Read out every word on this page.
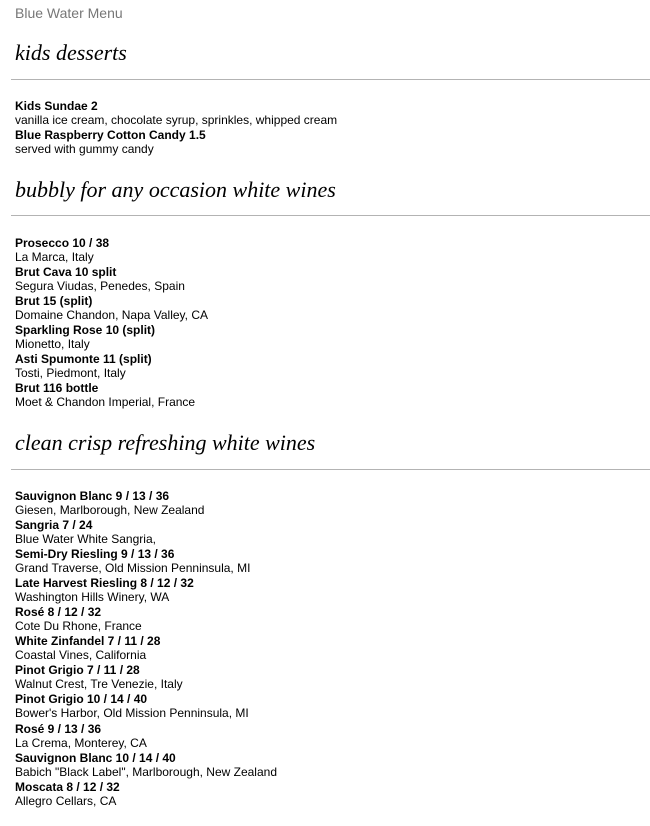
Blue Water Menu
kids desserts
Kids Sundae 2
vanilla ice cream, chocolate syrup, sprinkles, whipped cream
Blue Raspberry Cotton Candy 1.5
served with gummy candy
bubbly for any occasion white wines
Prosecco 10 / 38
La Marca, Italy
Brut Cava 10 split
Segura Viudas, Penedes, Spain
Brut 15 (split)
Domaine Chandon, Napa Valley, CA
Sparkling Rose 10 (split)
Mionetto, Italy
Asti Spumonte 11 (split)
Tosti, Piedmont, Italy
Brut 116 bottle
Moet & Chandon Imperial, France
clean crisp refreshing white wines
Sauvignon Blanc 9 / 13 / 36
Giesen, Marlborough, New Zealand
Sangria 7 / 24
Blue Water White Sangria,
Semi-Dry Riesling 9 / 13 / 36
Grand Traverse, Old Mission Penninsula, MI
Late Harvest Riesling 8 / 12 / 32
Washington Hills Winery, WA
Rosé 8 / 12 / 32
Cote Du Rhone, France
White Zinfandel 7 / 11 / 28
Coastal Vines, California
Pinot Grigio 7 / 11 / 28
Walnut Crest, Tre Venezie, Italy
Pinot Grigio 10 / 14 / 40
Bower's Harbor, Old Mission Penninsula, MI
Rosé 9 / 13 / 36
La Crema, Monterey, CA
Sauvignon Blanc 10 / 14 / 40
Babich "Black Label", Marlborough, New Zealand
Moscata 8 / 12 / 32
Allegro Cellars, CA
